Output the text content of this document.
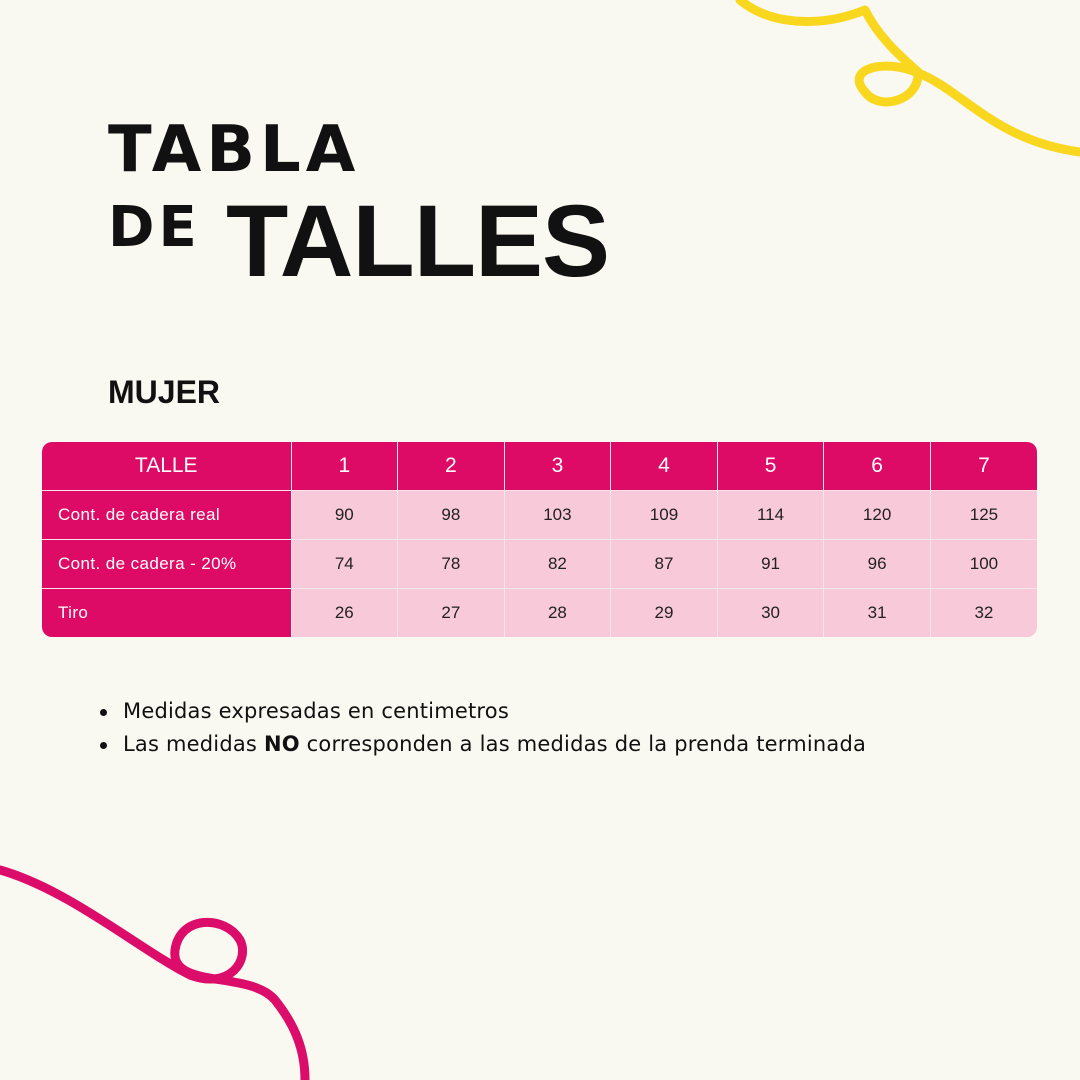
TABLA
DE TALLES
MUJER
TALLE	1	2	3	4	5	6	7
Cont. de cadera real	90	98	103	109	114	120	125
Cont. de cadera - 20%	74	78	82	87	91	96	100
Tiro	26	27	28	29	30	31	32
Medidas expresadas en centimetros
Las medidas NO corresponden a las medidas de la prenda terminada
